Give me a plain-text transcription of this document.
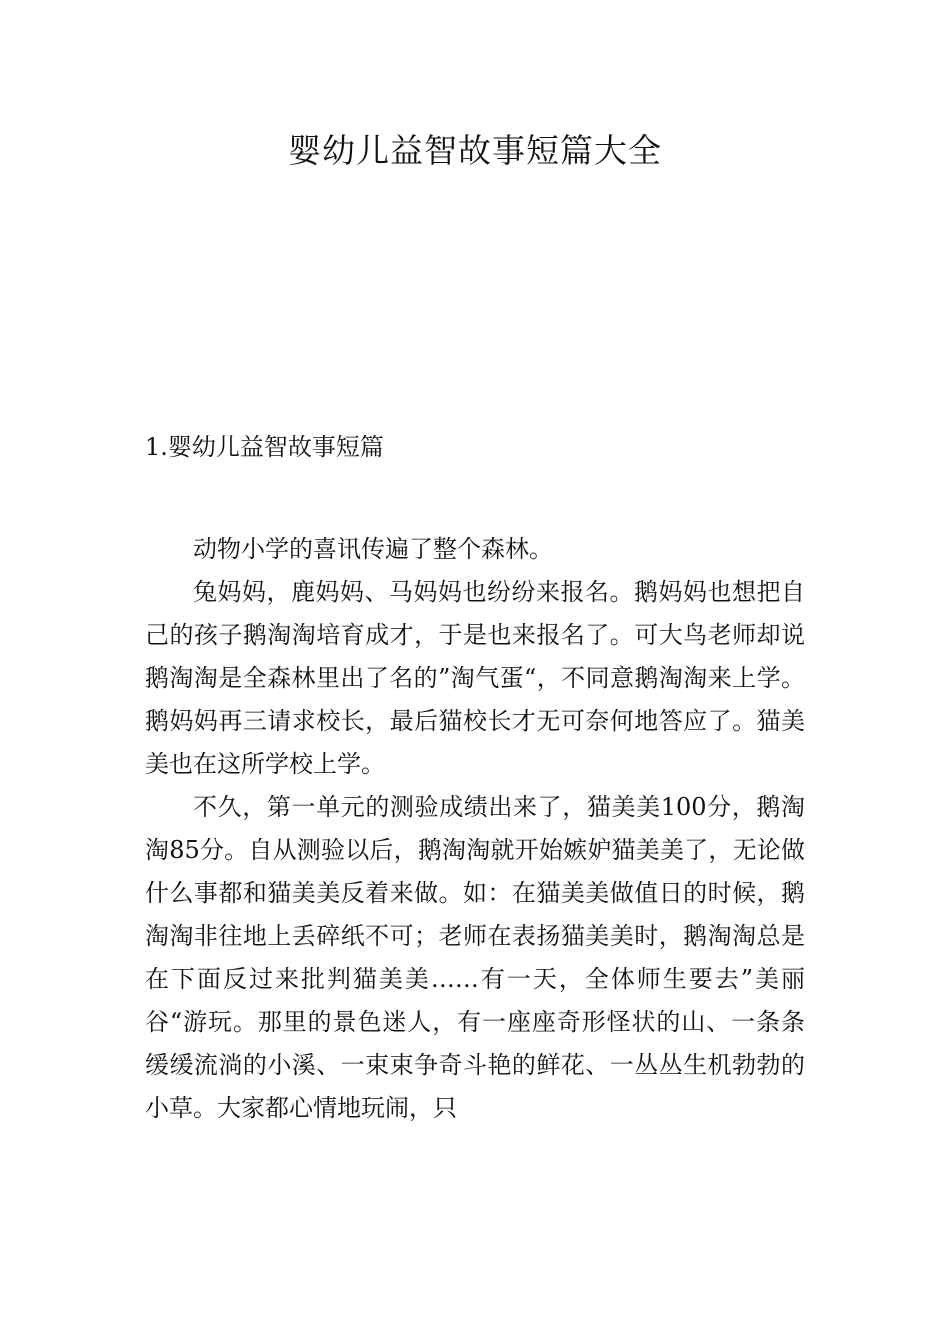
婴幼儿益智故事短篇大全
1.婴幼儿益智故事短篇

动物小学的喜讯传遍了整个森林。

兔妈妈，鹿妈妈、马妈妈也纷纷来报名。鹅妈妈也想把自己的孩子鹅淘淘培育成才，于是也来报名了。可大鸟老师却说鹅淘淘是全森林里出了名的”淘气蛋“，不同意鹅淘淘来上学。鹅妈妈再三请求校长，最后猫校长才无可奈何地答应了。猫美美也在这所学校上学。

不久，第一单元的测验成绩出来了，猫美美100分，鹅淘淘85分。自从测验以后，鹅淘淘就开始嫉妒猫美美了，无论做什么事都和猫美美反着来做。如：在猫美美做值日的时候，鹅淘淘非往地上丢碎纸不可；老师在表扬猫美美时，鹅淘淘总是在下面反过来批判猫美美……有一天，全体师生要去”美丽谷“游玩。那里的景色迷人，有一座座奇形怪状的山、一条条缓缓流淌的小溪、一束束争奇斗艳的鲜花、一丛丛生机勃勃的小草。大家都心情地玩闹，只
